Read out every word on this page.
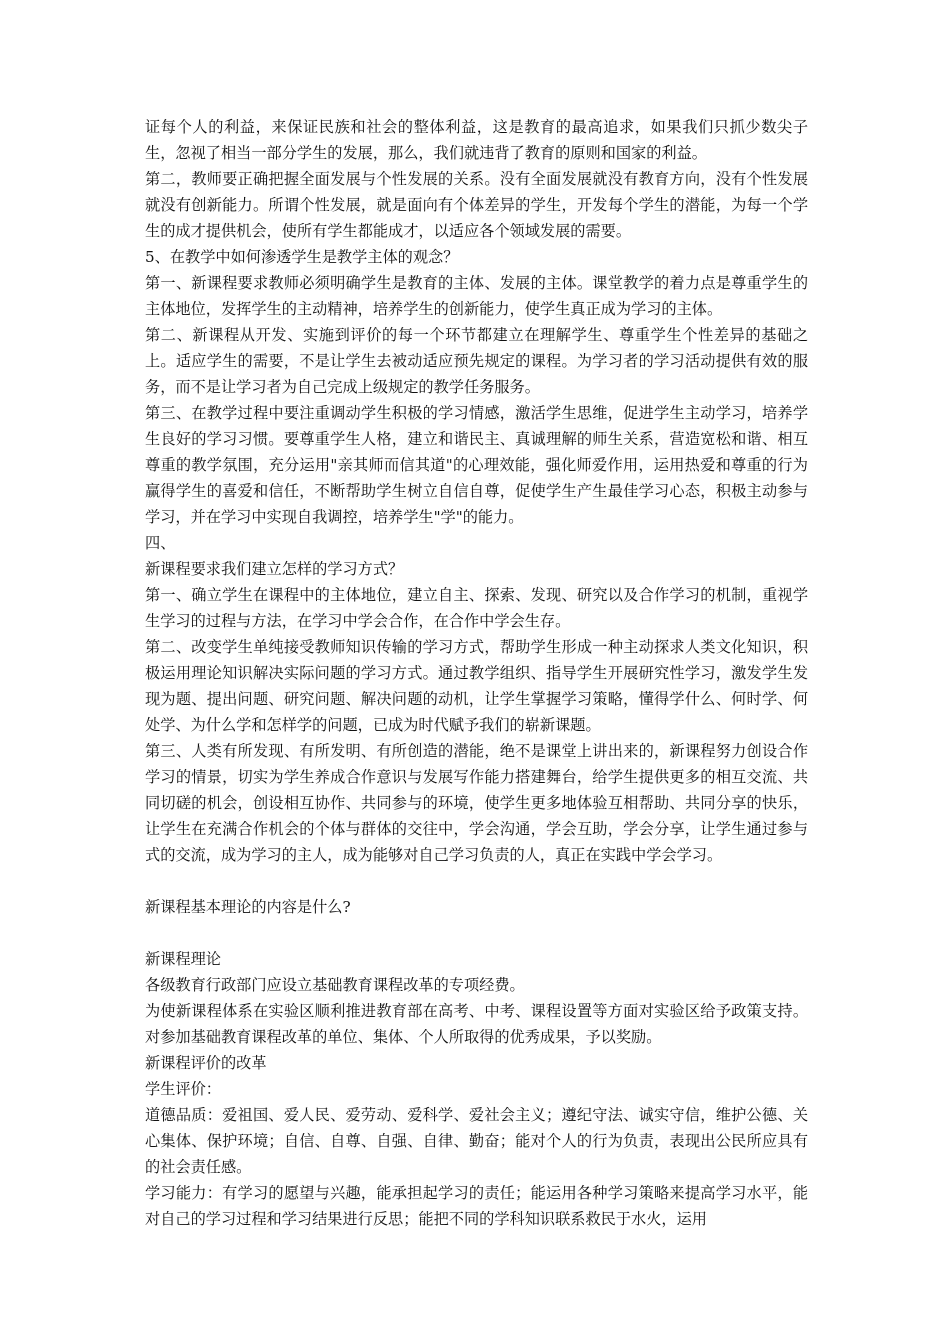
证每个人的利益，来保证民族和社会的整体利益，这是教育的最高追求，如果我们只抓少数尖子生，忽视了相当一部分学生的发展，那么，我们就违背了教育的原则和国家的利益。

第二，教师要正确把握全面发展与个性发展的关系。没有全面发展就没有教育方向，没有个性发展就没有创新能力。所谓个性发展，就是面向有个体差异的学生，开发每个学生的潜能，为每一个学生的成才提供机会，使所有学生都能成才，以适应各个领域发展的需要。

5、在教学中如何渗透学生是教学主体的观念？

第一、新课程要求教师必须明确学生是教育的主体、发展的主体。课堂教学的着力点是尊重学生的主体地位，发挥学生的主动精神，培养学生的创新能力，使学生真正成为学习的主体。

第二、新课程从开发、实施到评价的每一个环节都建立在理解学生、尊重学生个性差异的基础之上。适应学生的需要，不是让学生去被动适应预先规定的课程。为学习者的学习活动提供有效的服务，而不是让学习者为自己完成上级规定的教学任务服务。

第三、在教学过程中要注重调动学生积极的学习情感，激活学生思维，促进学生主动学习，培养学生良好的学习习惯。要尊重学生人格，建立和谐民主、真诚理解的师生关系，营造宽松和谐、相互尊重的教学氛围，充分运用"亲其师而信其道"的心理效能，强化师爱作用，运用热爱和尊重的行为赢得学生的喜爱和信任，不断帮助学生树立自信自尊，促使学生产生最佳学习心态，积极主动参与学习，并在学习中实现自我调控，培养学生"学"的能力。

四、

新课程要求我们建立怎样的学习方式？

第一、确立学生在课程中的主体地位，建立自主、探索、发现、研究以及合作学习的机制，重视学生学习的过程与方法，在学习中学会合作，在合作中学会生存。

第二、改变学生单纯接受教师知识传输的学习方式，帮助学生形成一种主动探求人类文化知识，积极运用理论知识解决实际问题的学习方式。通过教学组织、指导学生开展研究性学习，激发学生发现为题、提出问题、研究问题、解决问题的动机，让学生掌握学习策略，懂得学什么、何时学、何处学、为什么学和怎样学的问题，已成为时代赋予我们的崭新课题。

第三、人类有所发现、有所发明、有所创造的潜能，绝不是课堂上讲出来的，新课程努力创设合作学习的情景，切实为学生养成合作意识与发展写作能力搭建舞台，给学生提供更多的相互交流、共同切磋的机会，创设相互协作、共同参与的环境，使学生更多地体验互相帮助、共同分享的快乐，让学生在充满合作机会的个体与群体的交往中，学会沟通，学会互助，学会分享，让学生通过参与式的交流，成为学习的主人，成为能够对自己学习负责的人，真正在实践中学会学习。

新课程基本理论的内容是什么?

新课程理论

各级教育行政部门应设立基础教育课程改革的专项经费。

为使新课程体系在实验区顺利推进教育部在高考、中考、课程设置等方面对实验区给予政策支持。对参加基础教育课程改革的单位、集体、个人所取得的优秀成果，予以奖励。

新课程评价的改革

学生评价：

道德品质：爱祖国、爱人民、爱劳动、爱科学、爱社会主义；遵纪守法、诚实守信，维护公德、关心集体、保护环境；自信、自尊、自强、自律、勤奋；能对个人的行为负责，表现出公民所应具有的社会责任感。

学习能力：有学习的愿望与兴趣，能承担起学习的责任；能运用各种学习策略来提高学习水平，能对自己的学习过程和学习结果进行反思；能把不同的学科知识联系救民于水火，运用
